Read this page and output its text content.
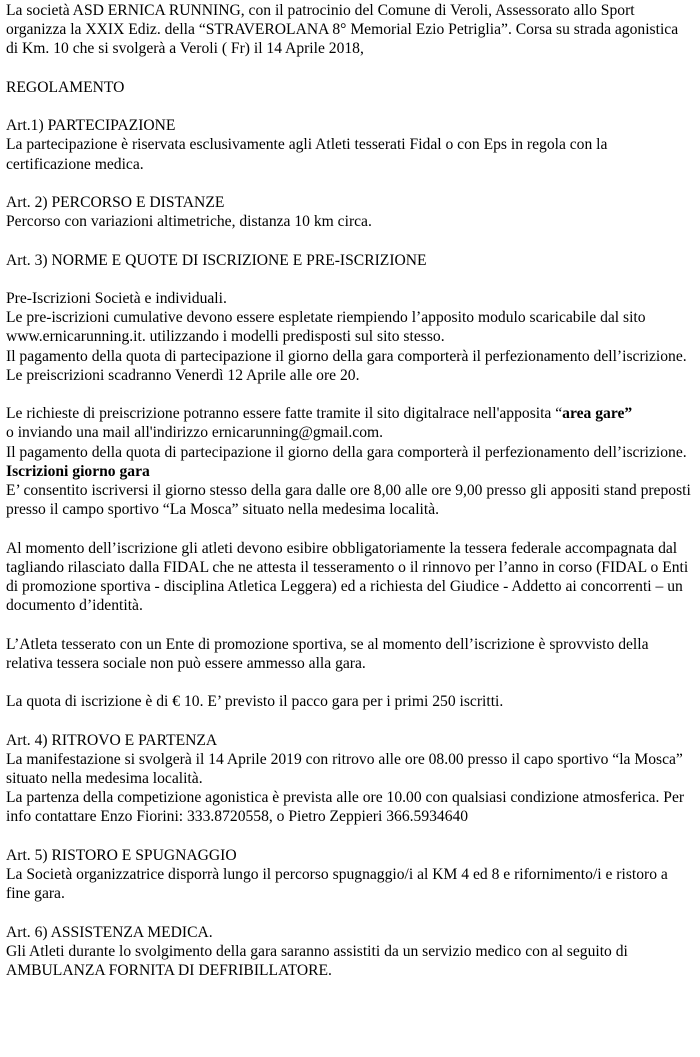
La società ASD ERNICA RUNNING, con il patrocinio del Comune di Veroli, Assessorato allo Sport organizza la XXIX Ediz. della “STRAVEROLANA 8° Memorial Ezio Petriglia”. Corsa su strada agonistica di Km. 10 che si svolgerà a Veroli ( Fr) il 14 Aprile 2018,

REGOLAMENTO

Art.1) PARTECIPAZIONE

La partecipazione è riservata esclusivamente agli Atleti tesserati Fidal o con Eps in regola con la certificazione medica.

Art. 2) PERCORSO E DISTANZE

Percorso con variazioni altimetriche, distanza 10 km circa.

Art. 3) NORME E QUOTE DI ISCRIZIONE E PRE-ISCRIZIONE

Pre-Iscrizioni Società e individuali.

Le pre-iscrizioni cumulative devono essere espletate riempiendo l’apposito modulo scaricabile dal sito www.ernicarunning.it. utilizzando i modelli predisposti sul sito stesso.

Il pagamento della quota di partecipazione il giorno della gara comporterà il perfezionamento dell’iscrizione. Le preiscrizioni scadranno Venerdì 12 Aprile alle ore 20.

Le richieste di preiscrizione potranno essere fatte tramite il sito digitalrace nell'apposita “area gare”

o inviando una mail all'indirizzo ernicarunning@gmail.com.

Il pagamento della quota di partecipazione il giorno della gara comporterà il perfezionamento dell’iscrizione.

Iscrizioni giorno gara

E’ consentito iscriversi il giorno stesso della gara dalle ore 8,00 alle ore 9,00 presso gli appositi stand preposti presso il campo sportivo “La Mosca” situato nella medesima località.

Al momento dell’iscrizione gli atleti devono esibire obbligatoriamente la tessera federale accompagnata dal tagliando rilasciato dalla FIDAL che ne attesta il tesseramento o il rinnovo per l’anno in corso (FIDAL o Enti di promozione sportiva - disciplina Atletica Leggera) ed a richiesta del Giudice - Addetto ai concorrenti – un documento d’identità.

L’Atleta tesserato con un Ente di promozione sportiva, se al momento dell’iscrizione è sprovvisto della relativa tessera sociale non può essere ammesso alla gara.

La quota di iscrizione è di € 10. E’ previsto il pacco gara per i primi 250 iscritti.

Art. 4) RITROVO E PARTENZA

La manifestazione si svolgerà il 14 Aprile 2019 con ritrovo alle ore 08.00 presso il capo sportivo “la Mosca” situato nella medesima località.

La partenza della competizione agonistica è prevista alle ore 10.00 con qualsiasi condizione atmosferica. Per info contattare Enzo Fiorini: 333.8720558, o Pietro Zeppieri 366.5934640

Art. 5) RISTORO E SPUGNAGGIO

La Società organizzatrice disporrà lungo il percorso spugnaggio/i al KM 4 ed 8 e rifornimento/i e ristoro a fine gara.

Art. 6) ASSISTENZA MEDICA.

Gli Atleti durante lo svolgimento della gara saranno assistiti da un servizio medico con al seguito di AMBULANZA FORNITA DI DEFRIBILLATORE.
